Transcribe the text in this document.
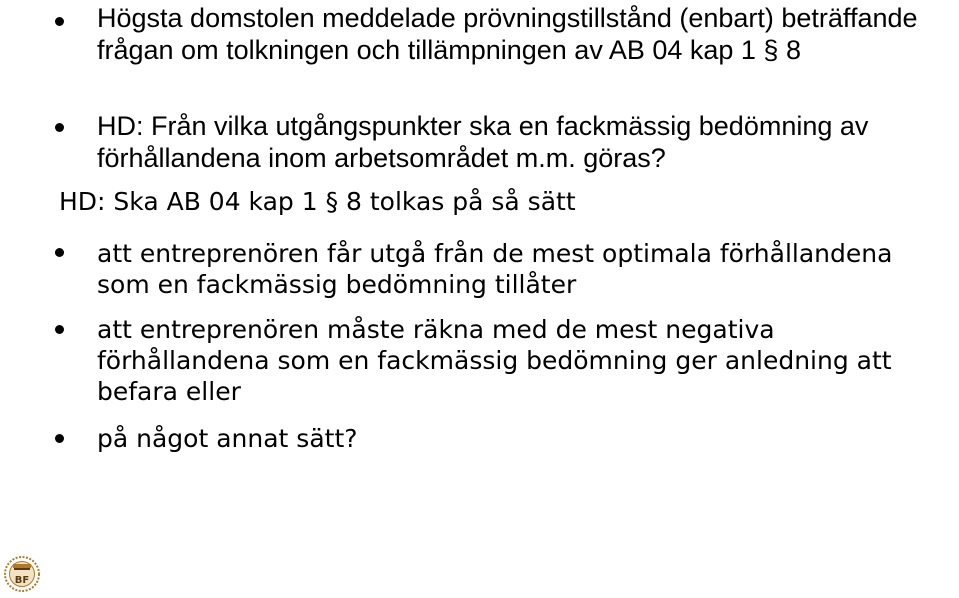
Högsta domstolen meddelade prövningstillstånd (enbart) beträffande frågan om tolkningen och tillämpningen av AB 04 kap 1 § 8

HD: Från vilka utgångspunkter ska en fackmässig bedömning av förhållandena inom arbetsområdet m.m. göras?

HD: Ska AB 04 kap 1 § 8 tolkas på så sätt

att entreprenören får utgå från de mest optimala förhållandena som en fackmässig bedömning tillåter

att entreprenören måste räkna med de mest negativa förhållandena som en fackmässig bedömning ger anledning att befara eller

på något annat sätt?

BF
